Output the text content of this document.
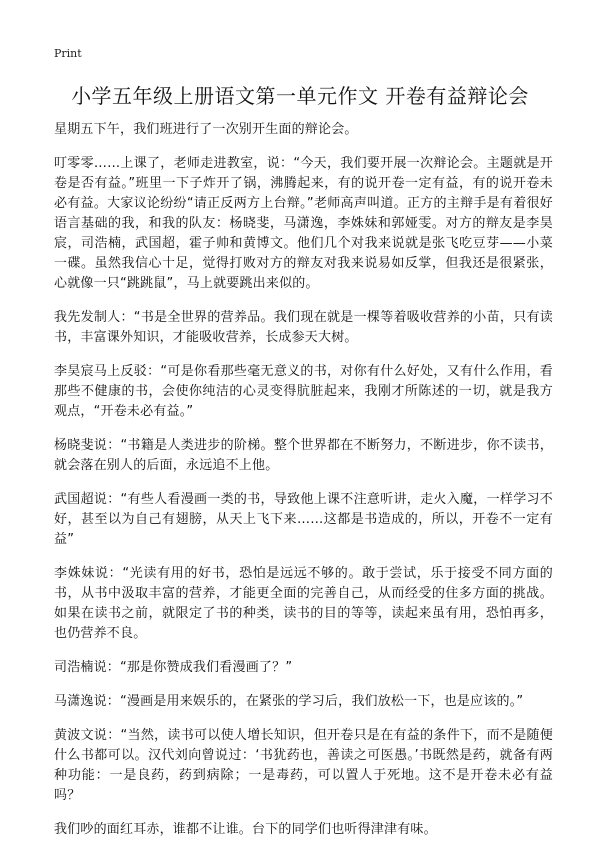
Print
小学五年级上册语文第一单元作文 开卷有益辩论会

星期五下午，我们班进行了一次别开生面的辩论会。

叮零零……上课了，老师走进教室，说：“今天，我们要开展一次辩论会。主题就是开卷是否有益。”班里一下子炸开了锅，沸腾起来，有的说开卷一定有益，有的说开卷未必有益。大家议论纷纷“请正反两方上台辩。”老师高声叫道。正方的主辩手是有着很好语言基础的我，和我的队友：杨晓斐，马潇逸，李姝妹和郭娅雯。对方的辩友是李昊宸，司浩楠，武国超，霍子帅和黄博文。他们几个对我来说就是张飞吃豆芽——小菜一碟。虽然我信心十足，觉得打败对方的辩友对我来说易如反掌，但我还是很紧张，心就像一只“跳跳鼠”，马上就要跳出来似的。

我先发制人：“书是全世界的营养品。我们现在就是一棵等着吸收营养的小苗，只有读书，丰富课外知识，才能吸收营养，长成参天大树。

李昊宸马上反驳：“可是你看那些毫无意义的书，对你有什么好处，又有什么作用，看那些不健康的书，会使你纯洁的心灵变得肮脏起来，我刚才所陈述的一切，就是我方观点，“开卷未必有益。”

杨晓斐说：“书籍是人类进步的阶梯。整个世界都在不断努力，不断进步，你不读书，就会落在别人的后面，永远追不上他。

武国超说：“有些人看漫画一类的书，导致他上课不注意听讲，走火入魔，一样学习不好，甚至以为自己有翅膀，从天上飞下来……这都是书造成的，所以，开卷不一定有益”

李姝妹说：“光读有用的好书，恐怕是远远不够的。敢于尝试，乐于接受不同方面的书，从书中汲取丰富的营养，才能更全面的完善自己，从而经受的住多方面的挑战。如果在读书之前，就限定了书的种类，读书的目的等等，读起来虽有用，恐怕再多，也仍营养不良。

司浩楠说：“那是你赞成我们看漫画了？”

马潇逸说：“漫画是用来娱乐的，在紧张的学习后，我们放松一下，也是应该的。”

黄波文说：“当然，读书可以使人增长知识，但开卷只是在有益的条件下，而不是随便什么书都可以。汉代刘向曾说过：‘书犹药也，善读之可医愚。’书既然是药，就备有两种功能：一是良药，药到病除；一是毒药，可以置人于死地。这不是开卷未必有益吗？

我们吵的面红耳赤，谁都不让谁。台下的同学们也听得津津有味。
